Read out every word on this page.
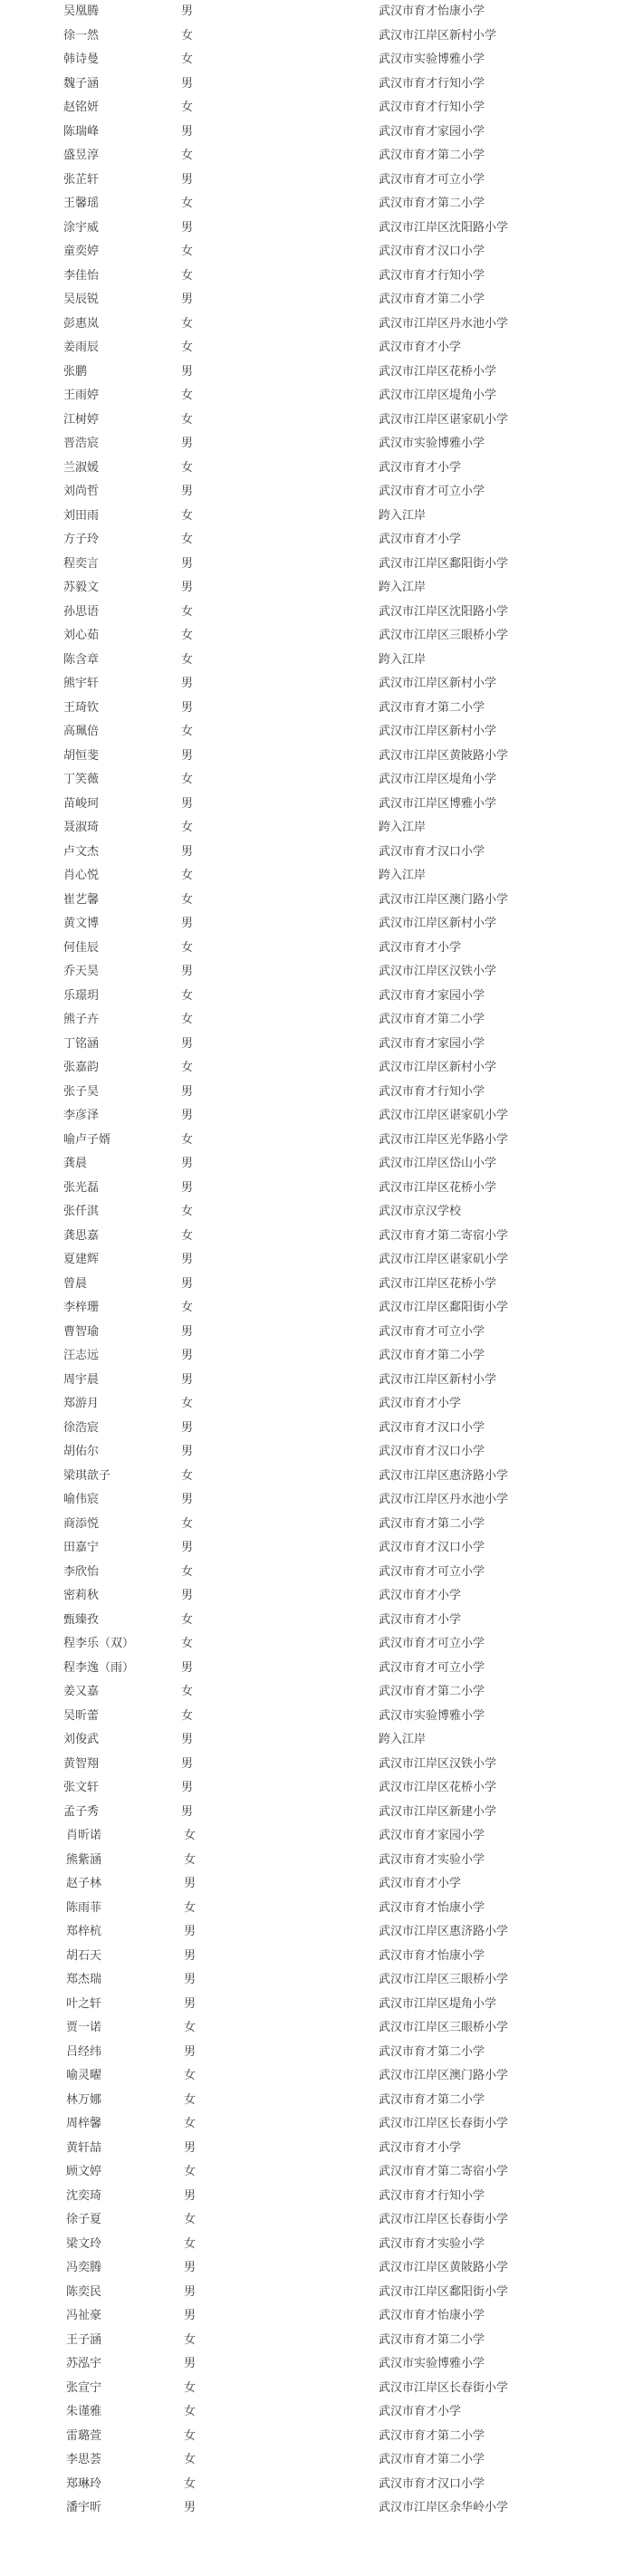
吴凰腾	男	武汉市育才怡康小学
徐一然	女	武汉市江岸区新村小学
韩诗曼	女	武汉市实验博雅小学
魏子涵	男	武汉市育才行知小学
赵铭妍	女	武汉市育才行知小学
陈瑞峰	男	武汉市育才家园小学
盛昱淳	女	武汉市育才第二小学
张芷轩	男	武汉市育才可立小学
王馨瑶	女	武汉市育才第二小学
涂宇威	男	武汉市江岸区沈阳路小学
童奕婷	女	武汉市育才汉口小学
李佳怡	女	武汉市育才行知小学
吴辰锐	男	武汉市育才第二小学
彭惠岚	女	武汉市江岸区丹水池小学
姜雨辰	女	武汉市育才小学
张鹏	男	武汉市江岸区花桥小学
王雨婷	女	武汉市江岸区堤角小学
江树婷	女	武汉市江岸区谌家矶小学
晋浩宸	男	武汉市实验博雅小学
兰淑媛	女	武汉市育才小学
刘尚哲	男	武汉市育才可立小学
刘田雨	女	跨入江岸
方子玲	女	武汉市育才小学
程奕言	男	武汉市江岸区鄱阳街小学
苏毅文	男	跨入江岸
孙思语	女	武汉市江岸区沈阳路小学
刘心茹	女	武汉市江岸区三眼桥小学
陈含章	女	跨入江岸
熊宇轩	男	武汉市江岸区新村小学
王琦钦	男	武汉市育才第二小学
高珮倍	女	武汉市江岸区新村小学
胡恒斐	男	武汉市江岸区黄陂路小学
丁笑薇	女	武汉市江岸区堤角小学
苗峻珂	男	武汉市江岸区博雅小学
聂淑琦	女	跨入江岸
卢文杰	男	武汉市育才汉口小学
肖心悦	女	跨入江岸
崔艺馨	女	武汉市江岸区澳门路小学
黄文博	男	武汉市江岸区新村小学
何佳辰	女	武汉市育才小学
乔天昊	男	武汉市江岸区汉铁小学
乐璟玥	女	武汉市育才家园小学
熊子卉	女	武汉市育才第二小学
丁铭涵	男	武汉市育才家园小学
张嘉韵	女	武汉市江岸区新村小学
张子昊	男	武汉市育才行知小学
李彦泽	男	武汉市江岸区谌家矶小学
喻卢子婿	女	武汉市江岸区光华路小学
龚晨	男	武汉市江岸区岱山小学
张光磊	男	武汉市江岸区花桥小学
张仟淇	女	武汉市京汉学校
龚思嘉	女	武汉市育才第二寄宿小学
夏建辉	男	武汉市江岸区谌家矶小学
曾晨	男	武汉市江岸区花桥小学
李梓珊	女	武汉市江岸区鄱阳街小学
曹智瑜	男	武汉市育才可立小学
汪志远	男	武汉市育才第二小学
周宇晨	男	武汉市江岸区新村小学
郑游月	女	武汉市育才小学
徐浩宸	男	武汉市育才汉口小学
胡佑尔	男	武汉市育才汉口小学
梁琪歆子	女	武汉市江岸区惠济路小学
喻伟宸	男	武汉市江岸区丹水池小学
商添悦	女	武汉市育才第二小学
田嘉宁	男	武汉市育才汉口小学
李欣怡	女	武汉市育才可立小学
密莉秋	男	武汉市育才小学
甄臻孜	女	武汉市育才小学
程李乐（双）	女	武汉市育才可立小学
程李逸（雨）	男	武汉市育才可立小学
姜又嘉	女	武汉市育才第二小学
吴昕蕾	女	武汉市实验博雅小学
刘俊武	男	跨入江岸
黄智翔	男	武汉市江岸区汉铁小学
张文轩	男	武汉市江岸区花桥小学
孟子秀	男	武汉市江岸区新建小学
肖昕诺	女	武汉市育才家园小学
熊紫涵	女	武汉市育才实验小学
赵子林	男	武汉市育才小学
陈雨菲	女	武汉市育才怡康小学
郑梓杭	男	武汉市江岸区惠济路小学
胡石天	男	武汉市育才怡康小学
郑杰瑞	男	武汉市江岸区三眼桥小学
叶之轩	男	武汉市江岸区堤角小学
贾一诺	女	武汉市江岸区三眼桥小学
吕经纬	男	武汉市育才第二小学
喻灵曜	女	武汉市江岸区澳门路小学
林万娜	女	武汉市育才第二小学
周梓馨	女	武汉市江岸区长春街小学
黄轩喆	男	武汉市育才小学
顾文婷	女	武汉市育才第二寄宿小学
沈奕琦	男	武汉市育才行知小学
徐子夏	女	武汉市江岸区长春街小学
梁文玲	女	武汉市育才实验小学
冯奕腾	男	武汉市江岸区黄陂路小学
陈奕民	男	武汉市江岸区鄱阳街小学
冯祉豪	男	武汉市育才怡康小学
王子涵	女	武汉市育才第二小学
苏泓宇	男	武汉市实验博雅小学
张宣宁	女	武汉市江岸区长春街小学
朱谨雅	女	武汉市育才小学
雷璐萱	女	武汉市育才第二小学
李思荟	女	武汉市育才第二小学
郑琳玲	女	武汉市育才汉口小学
潘宇昕	男	武汉市江岸区余华岭小学
